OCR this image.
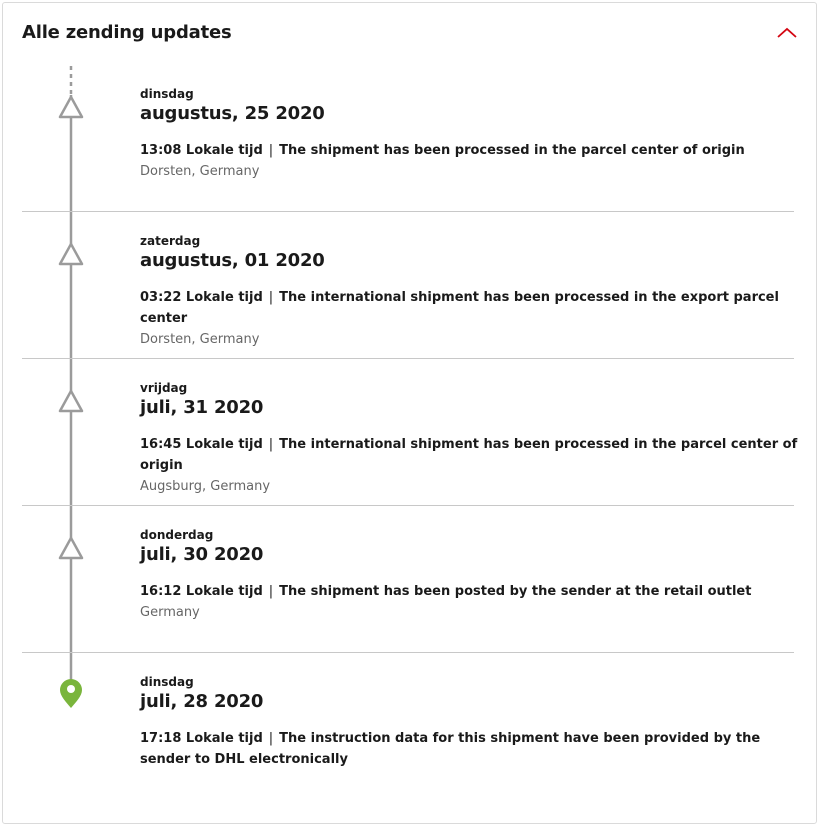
Alle zending updates
dinsdag
augustus, 25 2020
13:08 Lokale tijd | The shipment has been processed in the parcel center of origin
Dorsten, Germany
zaterdag
augustus, 01 2020
03:22 Lokale tijd | The international shipment has been processed in the export parcel center
Dorsten, Germany
vrijdag
juli, 31 2020
16:45 Lokale tijd | The international shipment has been processed in the parcel center of origin
Augsburg, Germany
donderdag
juli, 30 2020
16:12 Lokale tijd | The shipment has been posted by the sender at the retail outlet
Germany
dinsdag
juli, 28 2020
17:18 Lokale tijd | The instruction data for this shipment have been provided by the sender to DHL electronically
